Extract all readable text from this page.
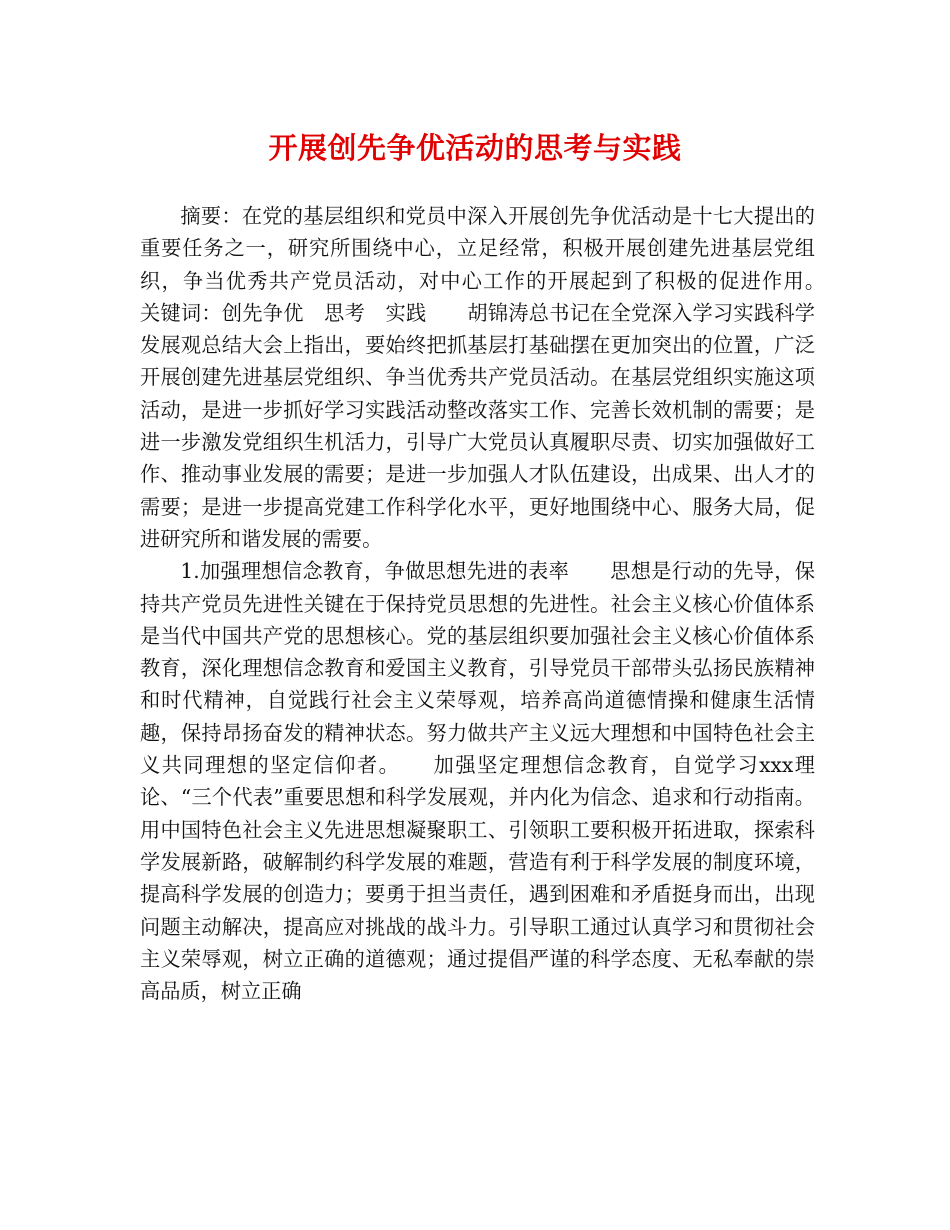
开展创先争优活动的思考与实践

摘要：在党的基层组织和党员中深入开展创先争优活动是十七大提出的重要任务之一，研究所围绕中心，立足经常，积极开展创建先进基层党组织，争当优秀共产党员活动，对中心工作的开展起到了积极的促进作用。　　关键词：创先争优　思考　实践　　胡锦涛总书记在全党深入学习实践科学发展观总结大会上指出，要始终把抓基层打基础摆在更加突出的位置，广泛开展创建先进基层党组织、争当优秀共产党员活动。在基层党组织实施这项活动，是进一步抓好学习实践活动整改落实工作、完善长效机制的需要；是进一步激发党组织生机活力，引导广大党员认真履职尽责、切实加强做好工作、推动事业发展的需要；是进一步加强人才队伍建设，出成果、出人才的需要；是进一步提高党建工作科学化水平，更好地围绕中心、服务大局，促进研究所和谐发展的需要。

1.加强理想信念教育，争做思想先进的表率　　思想是行动的先导，保持共产党员先进性关键在于保持党员思想的先进性。社会主义核心价值体系是当代中国共产党的思想核心。党的基层组织要加强社会主义核心价值体系教育，深化理想信念教育和爱国主义教育，引导党员干部带头弘扬民族精神和时代精神，自觉践行社会主义荣辱观，培养高尚道德情操和健康生活情趣，保持昂扬奋发的精神状态。努力做共产主义远大理想和中国特色社会主义共同理想的坚定信仰者。　　加强坚定理想信念教育，自觉学习xxx理论、“三个代表”重要思想和科学发展观，并内化为信念、追求和行动指南。用中国特色社会主义先进思想凝聚职工、引领职工要积极开拓进取，探索科学发展新路，破解制约科学发展的难题，营造有利于科学发展的制度环境，提高科学发展的创造力；要勇于担当责任，遇到困难和矛盾挺身而出，出现问题主动解决，提高应对挑战的战斗力。引导职工通过认真学习和贯彻社会主义荣辱观，树立正确的道德观；通过提倡严谨的科学态度、无私奉献的崇高品质，树立正确
